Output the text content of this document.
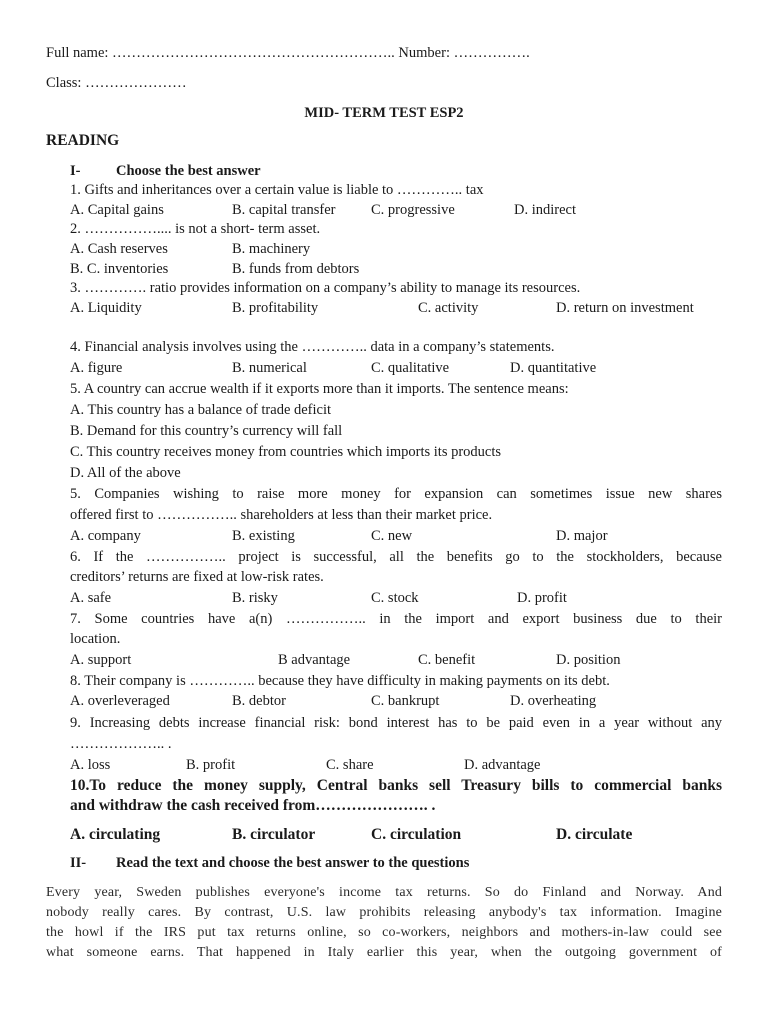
Full name: ………………………………………………….. Number: …………….
Class: …………………
MID- TERM TEST ESP2
READING
I- Choose the best answer
1. Gifts and inheritances over a certain value is liable to ………….. tax
A. Capital gains	B. capital transfer C. progressive	D. indirect
2. …………….... is not a short- term asset.
A. Cash reserves	B. machinery
B. C. inventories	B. funds from debtors
3. …………. ratio provides information on a company’s ability to manage its resources.
A. Liquidity	B. profitability	C. activity	D. return on investment
4. Financial analysis involves using the ………….. data in a company’s statements.
A. figure	B. numerical	C. qualitative	D. quantitative
5. A country can accrue wealth if it exports more than it imports. The sentence means:
A. This country has a balance of trade deficit
B. Demand for this country’s currency will fall
C. This country receives money from countries which imports its products
D. All of the above
5. Companies wishing to raise more money for expansion can sometimes issue new shares
offered first to …………….. shareholders at less than their market price.
A. company	B. existing	C. new	D. major
6. If the …………….. project is successful, all the benefits go to the stockholders, because
creditors’ returns are fixed at low-risk rates.
A. safe	B. risky	C. stock	D. profit
7. Some countries have a(n) …………….. in the import and export business due to their
location.
A. support	B advantage	C. benefit	D. position
8. Their company is ………….. because they have difficulty in making payments on its debt.
A. overleveraged	B. debtor	C. bankrupt	D. overheating
9. Increasing debts increase financial risk: bond interest has to be paid even in a year without any
……………….. .
A. loss	B. profit	C. share	D. advantage
10.To reduce the money supply, Central banks sell Treasury bills to commercial banks
and withdraw the cash received from…………………. .
A. circulating	B. circulator	C. circulation	D. circulate
II- Read the text and choose the best answer to the questions
Every year, Sweden publishes everyone's income tax returns. So do Finland and Norway. And
nobody really cares. By contrast, U.S. law prohibits releasing anybody's tax information. Imagine
the howl if the IRS put tax returns online, so co-workers, neighbors and mothers-in-law could see
what someone earns. That happened in Italy earlier this year, when the outgoing government of
